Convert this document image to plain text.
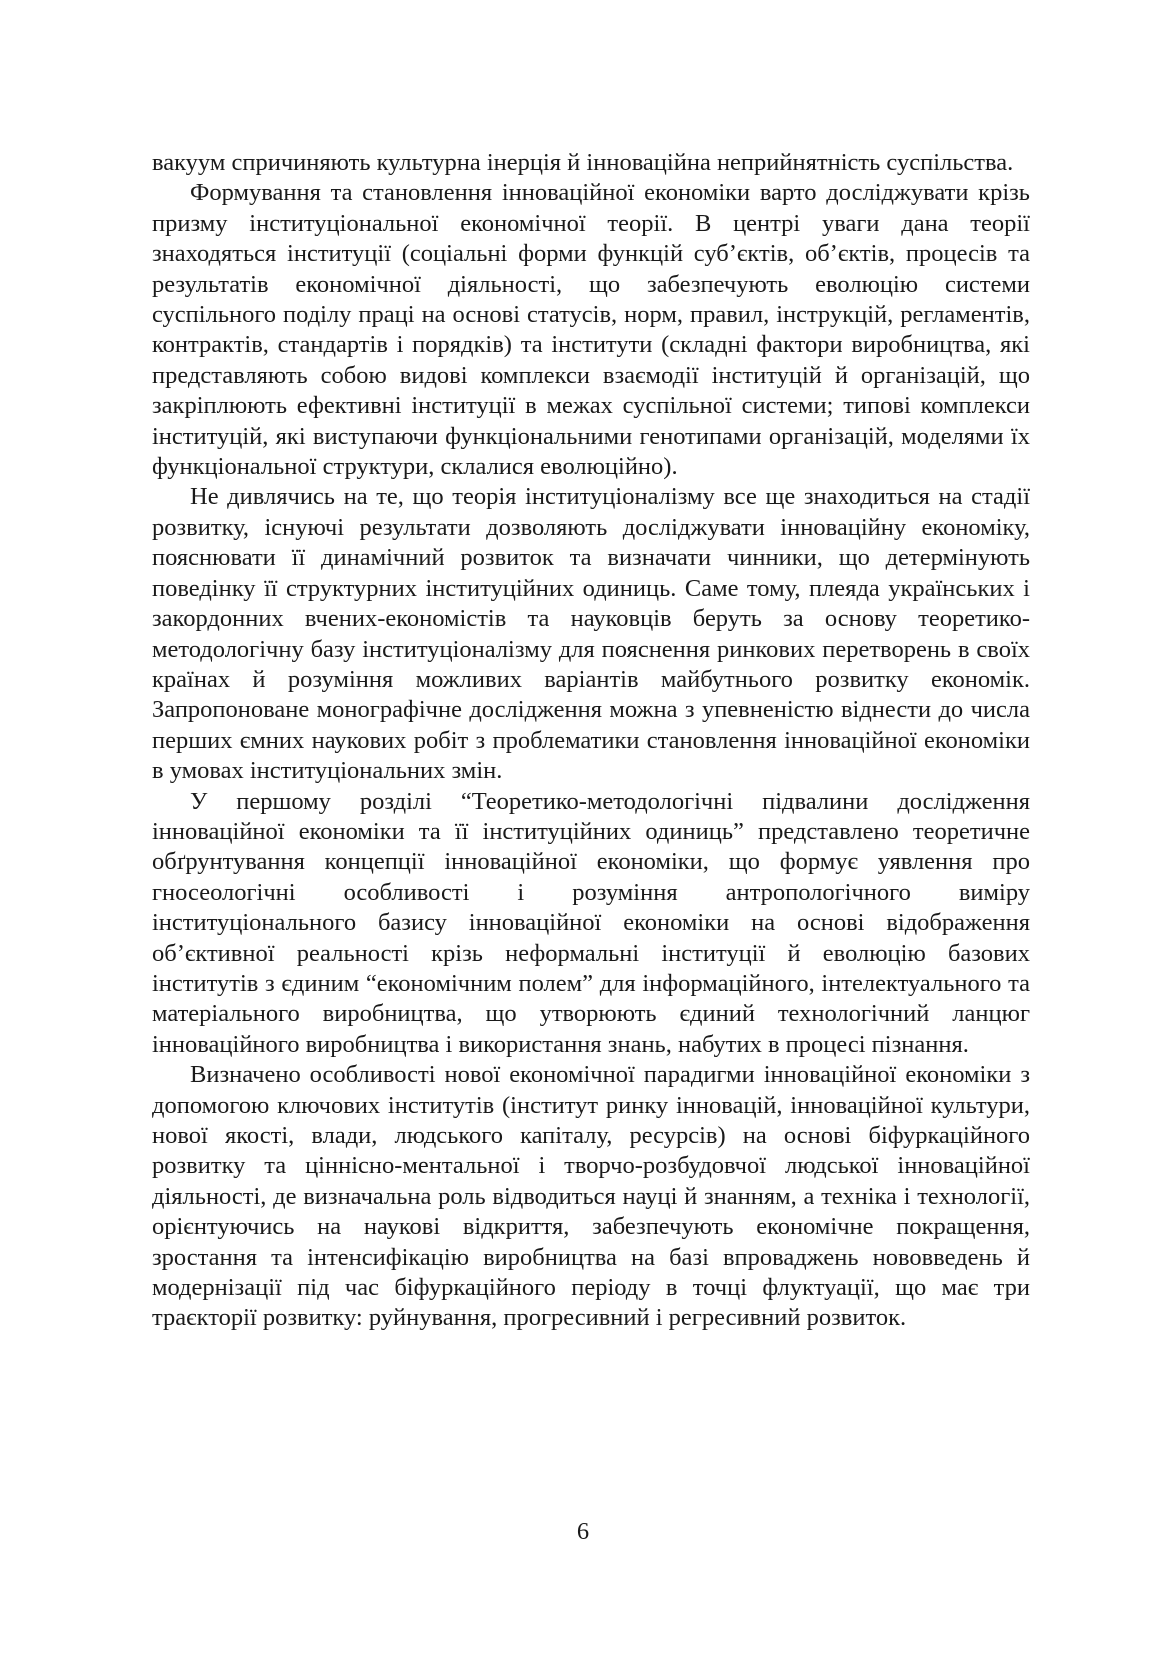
вакуум спричиняють культурна інерція й інноваційна неприйнятність суспільства.

Формування та становлення інноваційної економіки варто досліджувати крізь призму інституціональної економічної теорії. В центрі уваги дана теорії знаходяться інституції (соціальні форми функцій суб’єктів, об’єктів, процесів та результатів економічної діяльності, що забезпечують еволюцію системи суспільного поділу праці на основі статусів, норм, правил, інструкцій, регламентів, контрактів, стандартів і порядків) та інститути (складні фактори виробництва, які представляють собою видові комплекси взаємодії інституцій й організацій, що закріплюють ефективні інституції в межах суспільної системи; типові комплекси інституцій, які виступаючи функціональними генотипами організацій, моделями їх функціональної структури, склалися еволюційно).

Не дивлячись на те, що теорія інституціоналізму все ще знаходиться на стадії розвитку, існуючі результати дозволяють досліджувати інноваційну економіку, пояснювати її динамічний розвиток та визначати чинники, що детермінують поведінку її структурних інституційних одиниць. Саме тому, плеяда українських і закордонних вчених-економістів та науковців беруть за основу теоретико-методологічну базу інституціоналізму для пояснення ринкових перетворень в своїх країнах й розуміння можливих варіантів майбутнього розвитку економік. Запропоноване монографічне дослідження можна з упевненістю віднести до числа перших ємних наукових робіт з проблематики становлення інноваційної економіки в умовах інституціональних змін.

У першому розділі “Теоретико-методологічні підвалини дослідження інноваційної економіки та її інституційних одиниць” представлено теоретичне обґрунтування концепції інноваційної економіки, що формує уявлення про гносеологічні особливості і розуміння антропологічного виміру інституціонального базису інноваційної економіки на основі відображення об’єктивної реальності крізь неформальні інституції й еволюцію базових інститутів з єдиним “економічним полем” для інформаційного, інтелектуального та матеріального виробництва, що утворюють єдиний технологічний ланцюг інноваційного виробництва і використання знань, набутих в процесі пізнання.

Визначено особливості нової економічної парадигми інноваційної економіки з допомогою ключових інститутів (інститут ринку інновацій, інноваційної культури, нової якості, влади, людського капіталу, ресурсів) на основі біфуркаційного розвитку та ціннісно-ментальної і творчо-розбудовчої людської інноваційної діяльності, де визначальна роль відводиться науці й знанням, а техніка і технології, орієнтуючись на наукові відкриття, забезпечують економічне покращення, зростання та інтенсифікацію виробництва на базі впроваджень нововведень й модернізації під час біфуркаційного періоду в точці флуктуації, що має три траєкторії розвитку: руйнування, прогресивний і регресивний розвиток.

6
